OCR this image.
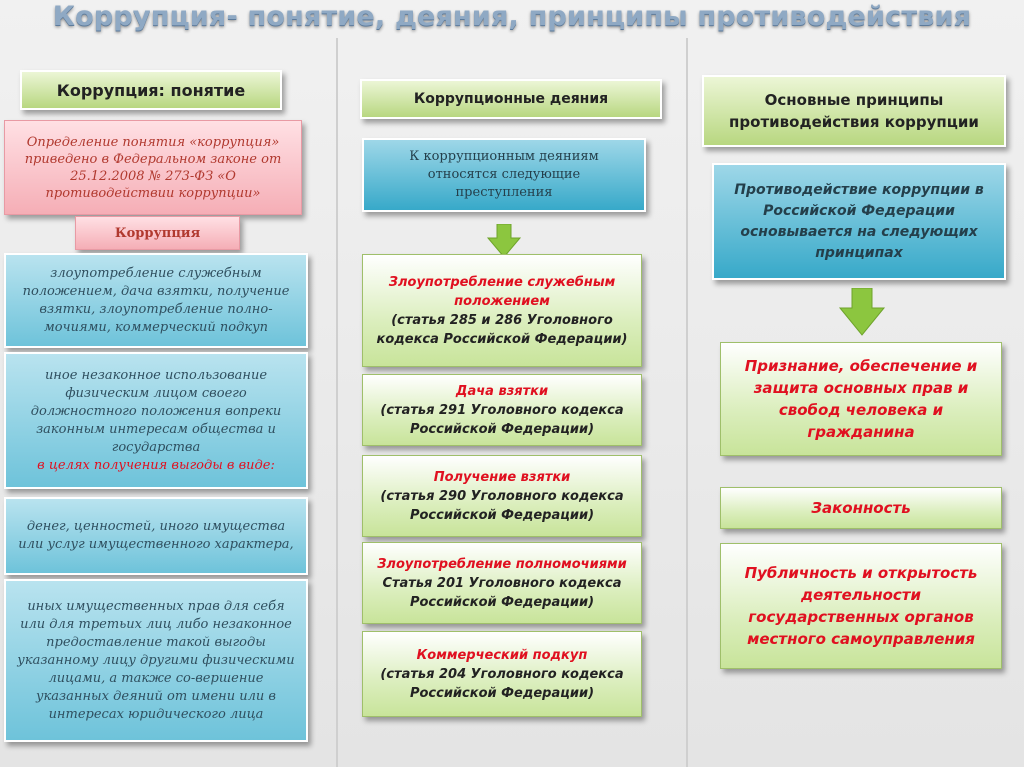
Коррупция- понятие, деяния, принципы противодействия
Коррупция: понятие
Определение понятия «коррупция» приведено в Федеральном законе от 25.12.2008 № 273-ФЗ «О противодействии коррупции»
Коррупция
злоупотребление служебным положением, дача взятки, получение взятки, злоупотребление полно-мочиями, коммерческий подкуп
иное незаконное использование физическим лицом своего должностного положения вопреки законным интересам общества и государства
в целях получения выгоды в виде:
денег, ценностей, иного имущества или услуг имущественного характера,
иных имущественных прав для себя или для третьих лиц либо незаконное предоставление такой выгоды указанному лицу другими физическими лицами, а также со-вершение указанных деяний от имени или в интересах юридического лица
Коррупционные деяния
К коррупционным деяниям относятся следующие преступления
Злоупотребление служебным положением
(статья 285 и 286 Уголовного кодекса Российской Федерации)
Дача взятки
(статья 291 Уголовного кодекса Российской Федерации)
Получение взятки
(статья 290 Уголовного кодекса Российской Федерации)
Злоупотребление полномочиями
Статья 201 Уголовного кодекса Российской Федерации)
Коммерческий подкуп
(статья 204 Уголовного кодекса Российской Федерации)
Основные принципы противодействия коррупции
Противодействие коррупции в Российской Федерации основывается на следующих принципах
Признание, обеспечение и защита основных прав и свобод человека и гражданина
Законность
Публичность и открытость деятельности государственных органов местного самоуправления
